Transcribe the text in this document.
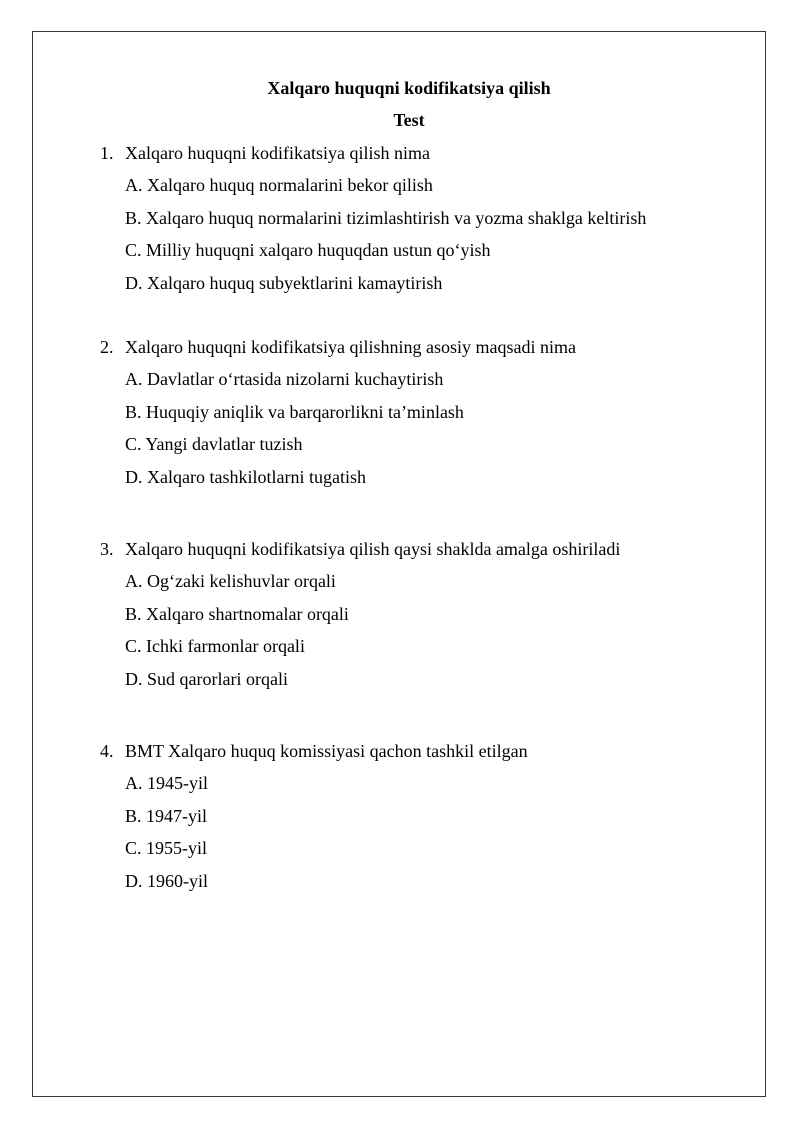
Xalqaro huquqni kodifikatsiya qilish
Test
1. Xalqaro huquqni kodifikatsiya qilish nima
A. Xalqaro huquq normalarini bekor qilish
B. Xalqaro huquq normalarini tizimlashtirish va yozma shaklga keltirish
C. Milliy huquqni xalqaro huquqdan ustun qo‘yish
D. Xalqaro huquq subyektlarini kamaytirish
2. Xalqaro huquqni kodifikatsiya qilishning asosiy maqsadi nima
A. Davlatlar o‘rtasida nizolarni kuchaytirish
B. Huquqiy aniqlik va barqarorlikni ta’minlash
C. Yangi davlatlar tuzish
D. Xalqaro tashkilotlarni tugatish
3. Xalqaro huquqni kodifikatsiya qilish qaysi shaklda amalga oshiriladi
A. Og‘zaki kelishuvlar orqali
B. Xalqaro shartnomalar orqali
C. Ichki farmonlar orqali
D. Sud qarorlari orqali
4. BMT Xalqaro huquq komissiyasi qachon tashkil etilgan
A. 1945-yil
B. 1947-yil
C. 1955-yil
D. 1960-yil
